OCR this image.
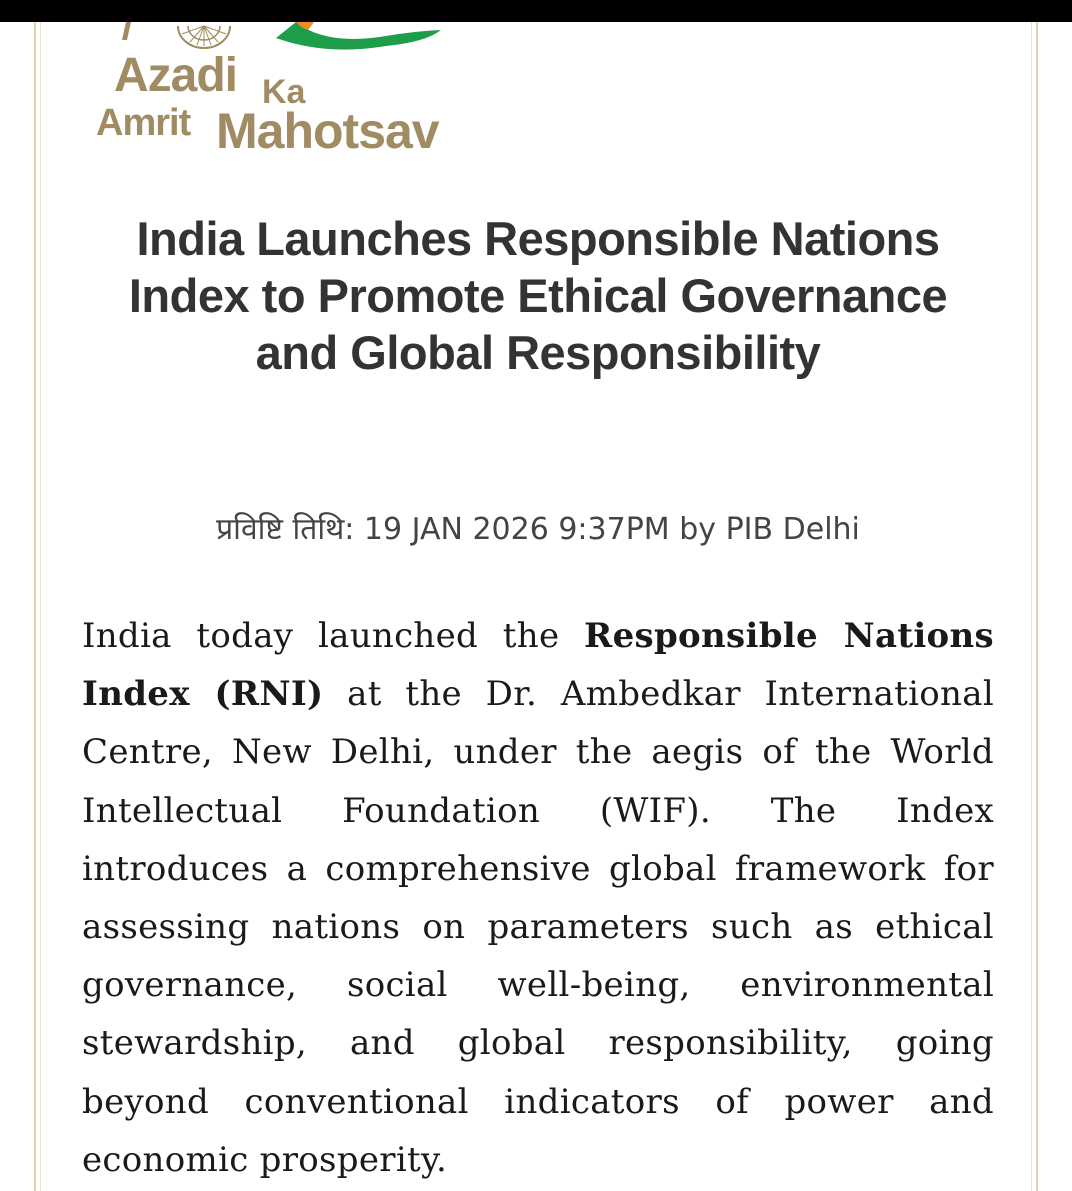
Azadi Ka
Amrit Mahotsav
India Launches Responsible Nations Index to Promote Ethical Governance and Global Responsibility
प्रविष्टि तिथि: 19 JAN 2026 9:37PM by PIB Delhi

India today launched the Responsible Nations Index (RNI) at the Dr. Ambedkar International Centre, New Delhi, under the aegis of the World Intellectual Foundation (WIF). The Index introduces a comprehensive global framework for assessing nations on parameters such as ethical governance, social well-being, environmental stewardship, and global responsibility, going beyond conventional indicators of power and economic prosperity.
